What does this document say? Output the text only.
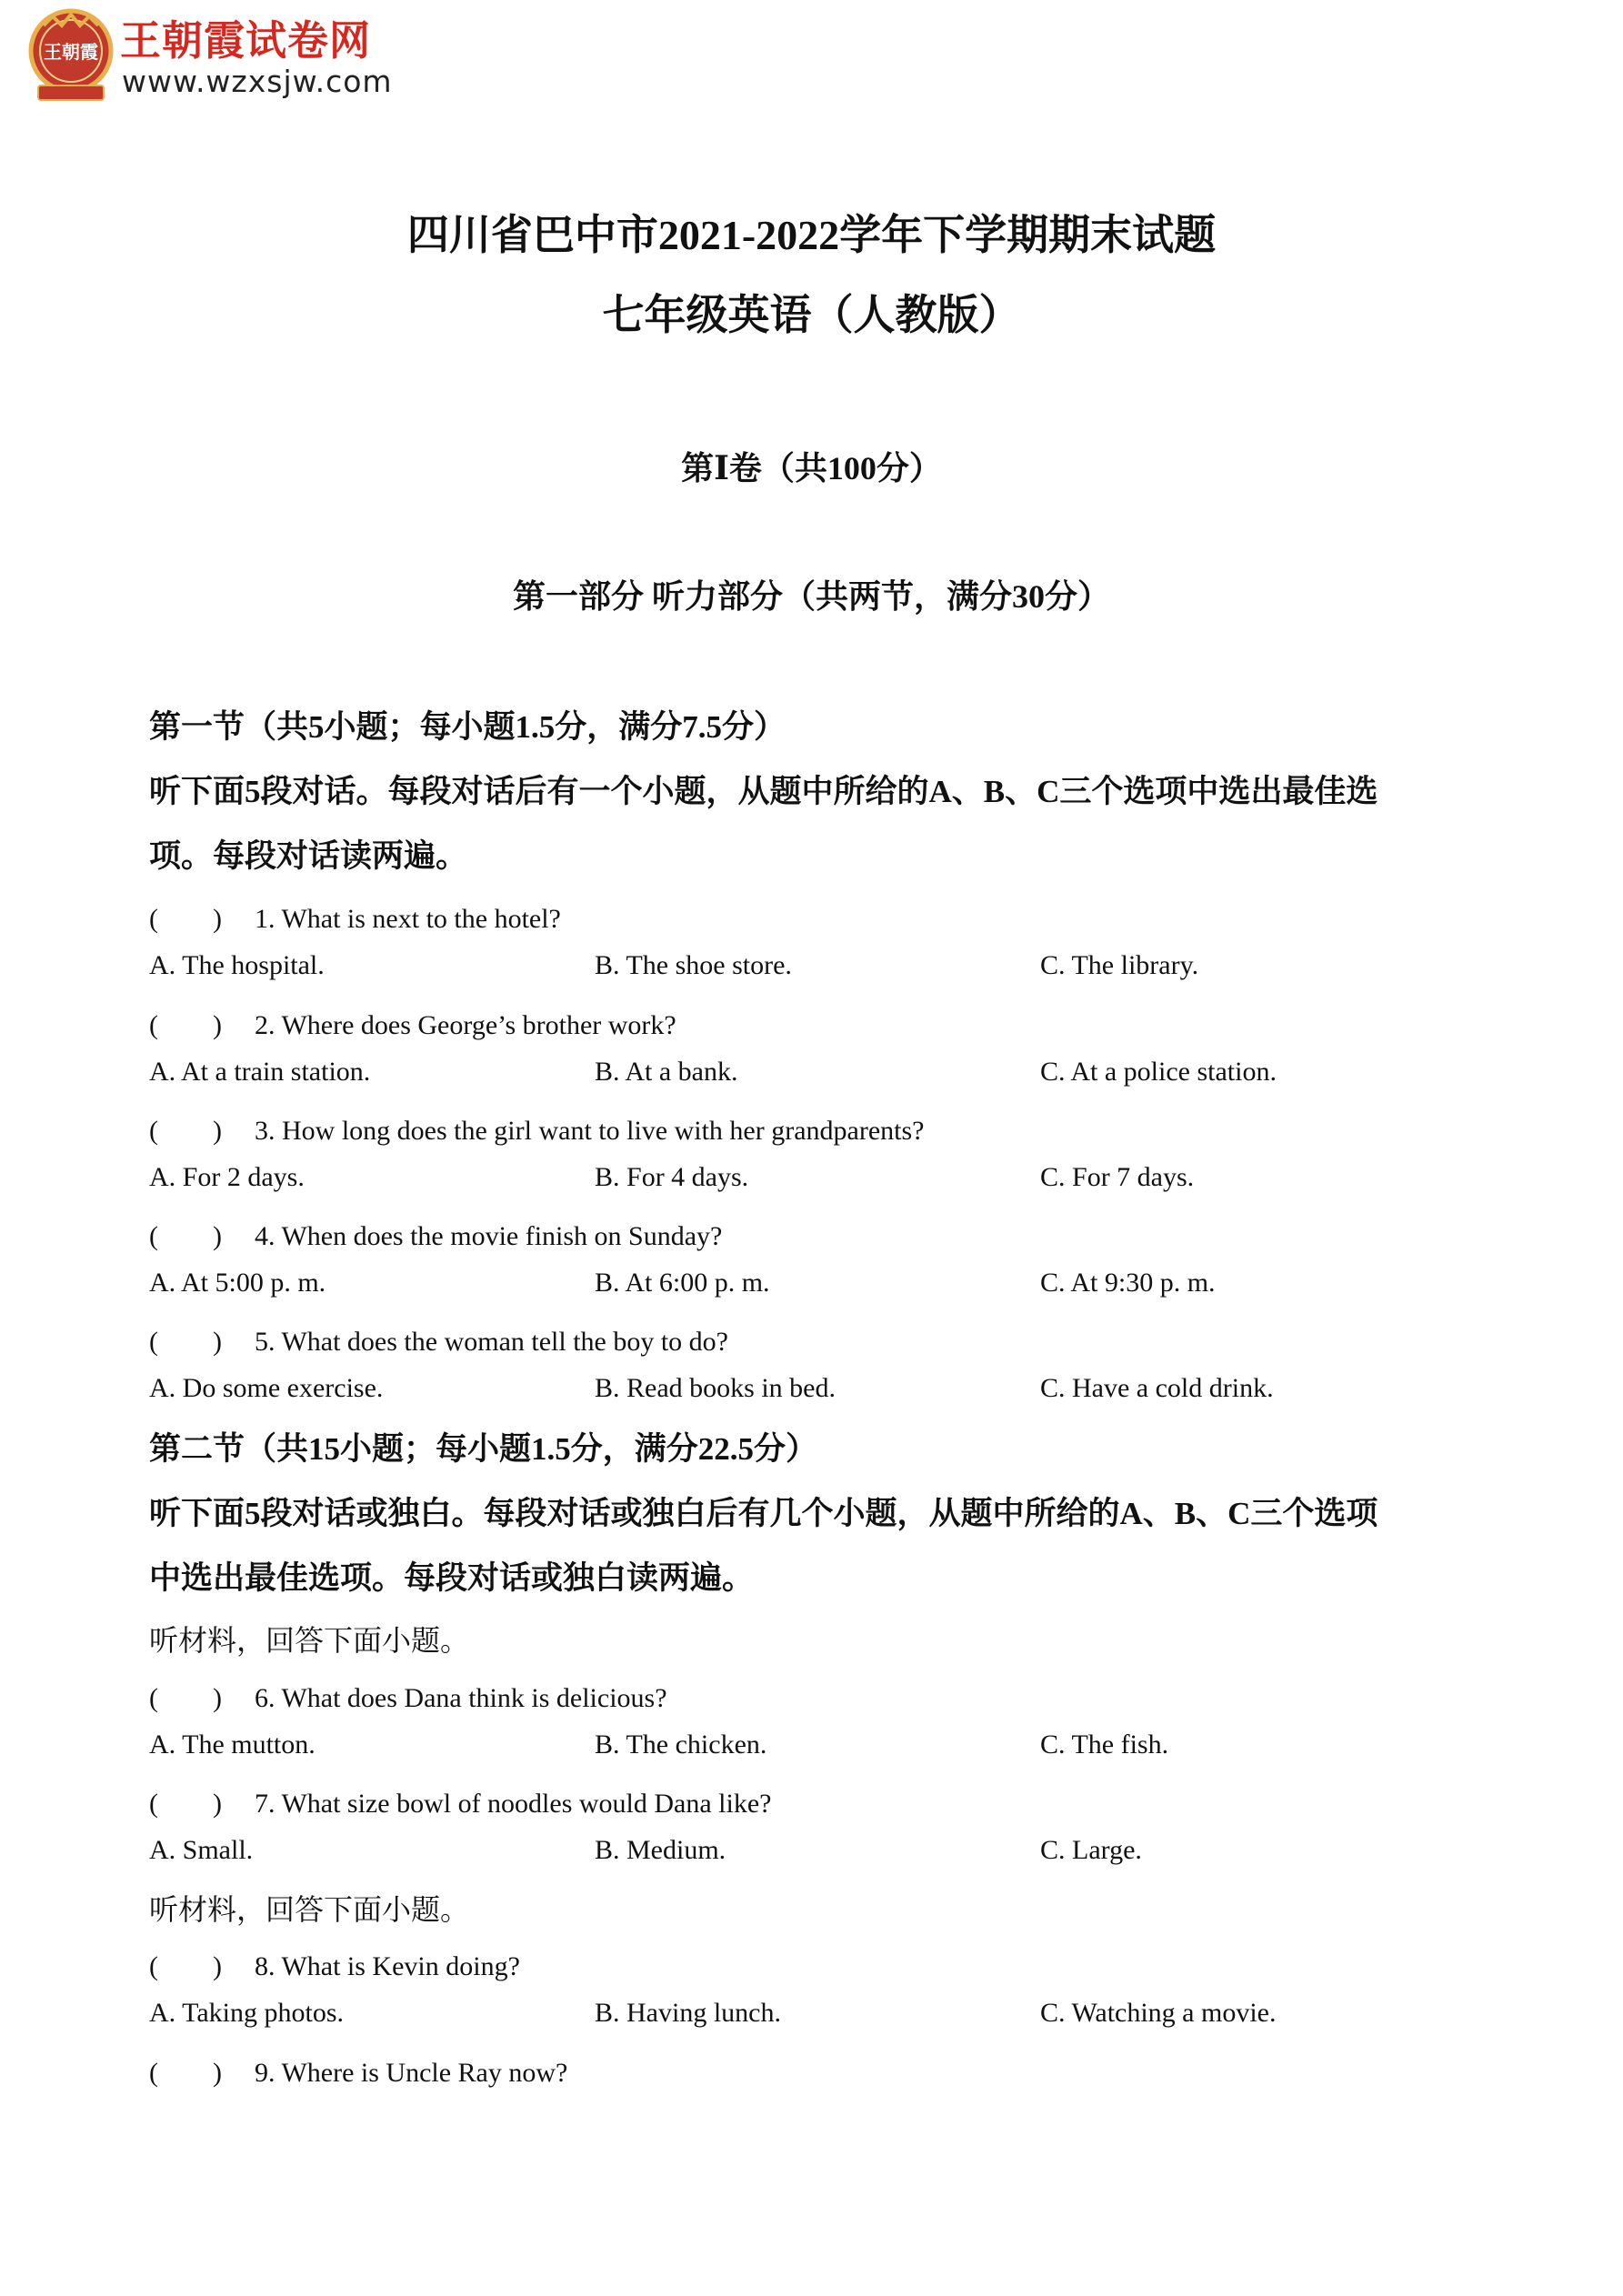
王朝霞 王朝霞试卷网
www.wzxsjw.com
四川省巴中市2021-2022学年下学期期末试题
七年级英语（人教版）
第Ⅰ卷（共100分）
第一部分 听力部分（共两节，满分30分）
第一节（共5小题；每小题1.5分，满分7.5分）
听下面5段对话。每段对话后有一个小题，从题中所给的A、B、C三个选项中选出最佳选
项。每段对话读两遍。
(　　) 1. What is next to the hotel?
A. The hospital.	B. The shoe store.	C. The library.
(　　) 2. Where does George’s brother work?
A. At a train station.	B. At a bank.	C. At a police station.
(　　) 3. How long does the girl want to live with her grandparents?
A. For 2 days.	B. For 4 days.	C. For 7 days.
(　　) 4. When does the movie finish on Sunday?
A. At 5:00 p. m.	B. At 6:00 p. m.	C. At 9:30 p. m.
(　　) 5. What does the woman tell the boy to do?
A. Do some exercise.	B. Read books in bed.	C. Have a cold drink.
第二节（共15小题；每小题1.5分，满分22.5分）
听下面5段对话或独白。每段对话或独白后有几个小题，从题中所给的A、B、C三个选项
中选出最佳选项。每段对话或独白读两遍。
听材料，回答下面小题。
(　　) 6. What does Dana think is delicious?
A. The mutton.	B. The chicken.	C. The fish.
(　　) 7. What size bowl of noodles would Dana like?
A. Small.	B. Medium.	C. Large.
听材料，回答下面小题。
(　　) 8. What is Kevin doing?
A. Taking photos.	B. Having lunch.	C. Watching a movie.
(　　) 9. Where is Uncle Ray now?
